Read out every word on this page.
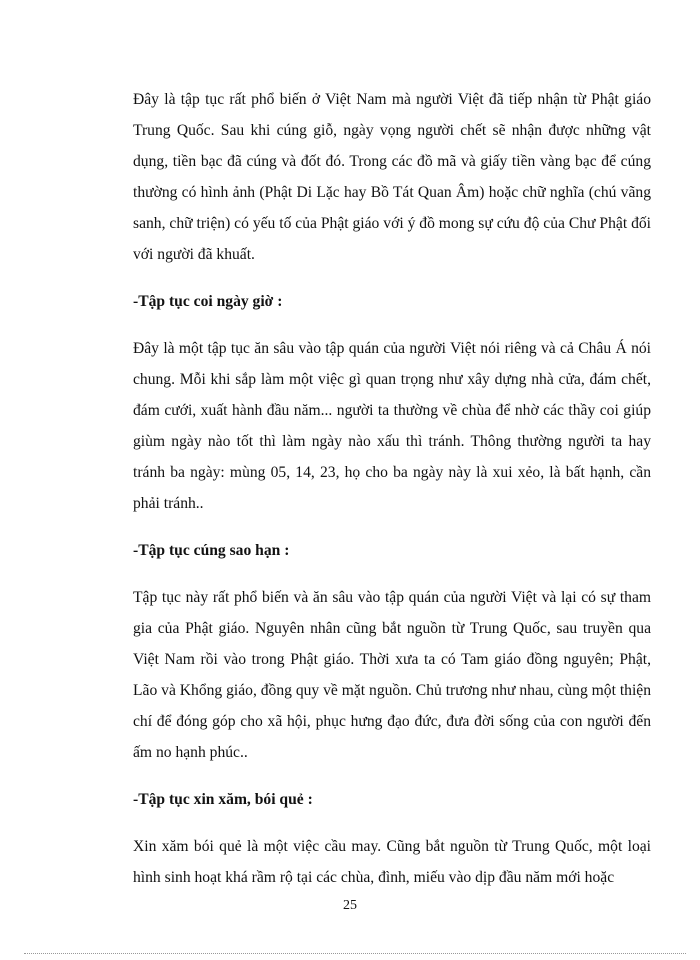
Đây là tập tục rất phổ biến ở Việt Nam mà người Việt đã tiếp nhận từ Phật giáo Trung Quốc. Sau khi cúng giỗ, ngày vọng người chết sẽ nhận được những vật dụng, tiền bạc đã cúng và đốt đó. Trong các đồ mã và giấy tiền vàng bạc để cúng thường có hình ảnh (Phật Di Lặc hay Bồ Tát Quan Âm) hoặc chữ nghĩa (chú vãng sanh, chữ triện) có yếu tố của Phật giáo với ý đồ mong sự cứu độ của Chư Phật đối với người đã khuất.

-Tập tục coi ngày giờ :

Đây là một tập tục ăn sâu vào tập quán của người Việt nói riêng và cả Châu Á nói chung. Mỗi khi sắp làm một việc gì quan trọng như xây dựng nhà cửa, đám chết, đám cưới, xuất hành đầu năm... người ta thường về chùa để nhờ các thầy coi giúp giùm ngày nào tốt thì làm ngày nào xấu thì tránh. Thông thường người ta hay tránh ba ngày: mùng 05, 14, 23, họ cho ba ngày này là xui xẻo, là bất hạnh, cần phải tránh..

-Tập tục cúng sao hạn :

Tập tục này rất phổ biến và ăn sâu vào tập quán của người Việt và lại có sự tham gia của Phật giáo. Nguyên nhân cũng bắt nguồn từ Trung Quốc, sau truyền qua Việt Nam rồi vào trong Phật giáo. Thời xưa ta có Tam giáo đồng nguyên; Phật, Lão và Khổng giáo, đồng quy về mặt nguồn. Chủ trương như nhau, cùng một thiện chí để đóng góp cho xã hội, phục hưng đạo đức, đưa đời sống của con người đến ấm no hạnh phúc..

-Tập tục xin xăm, bói quẻ :

Xin xăm bói quẻ là một việc cầu may. Cũng bắt nguồn từ Trung Quốc, một loại hình sinh hoạt khá rầm rộ tại các chùa, đình, miếu vào dịp đầu năm mới hoặc

25
